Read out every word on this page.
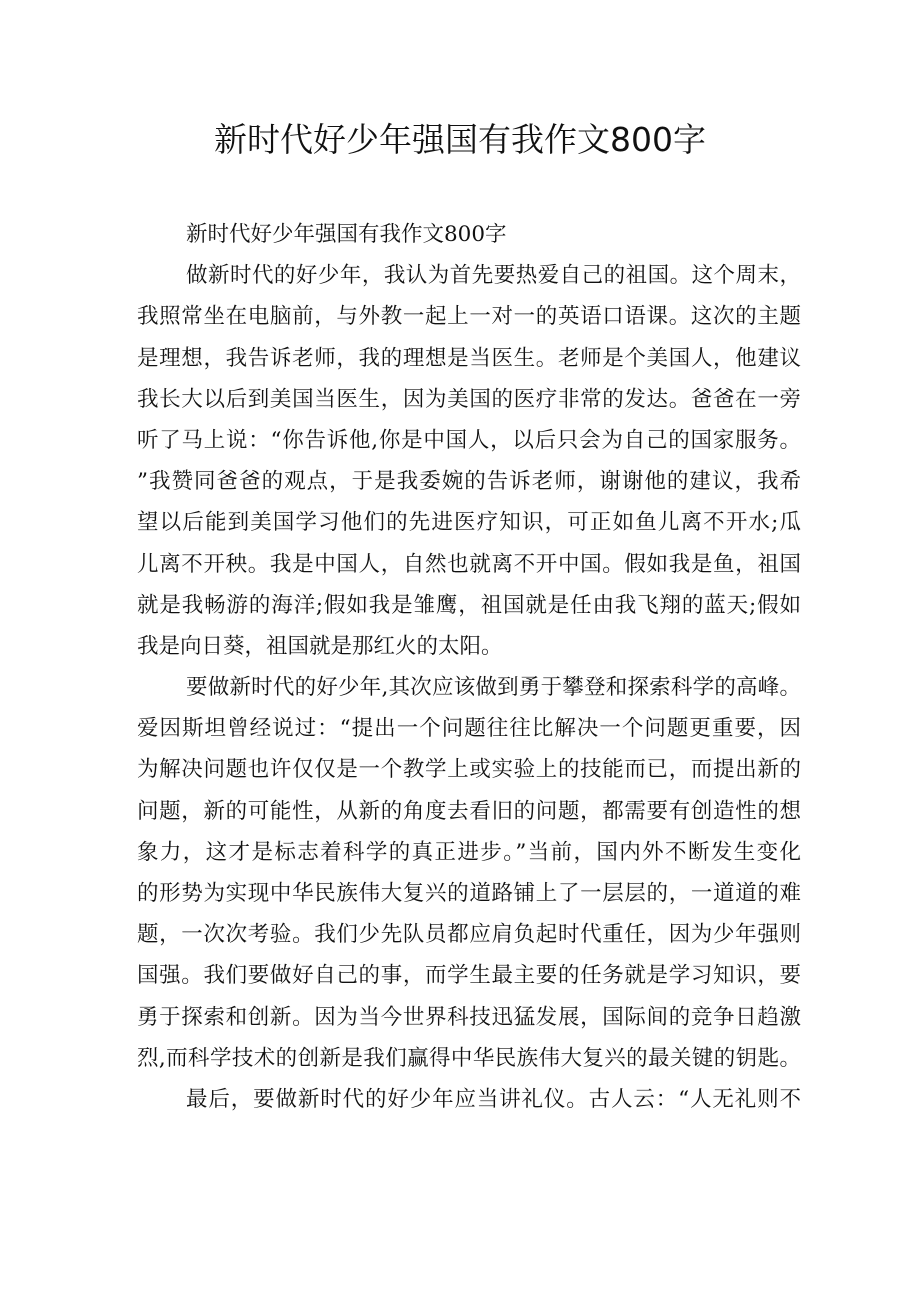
新时代好少年强国有我作文800字
新时代好少年强国有我作文800字
做新时代的好少年，我认为首先要热爱自己的祖国。这个周末，
我照常坐在电脑前，与外教一起上一对一的英语口语课。这次的主题
是理想，我告诉老师，我的理想是当医生。老师是个美国人，他建议
我长大以后到美国当医生，因为美国的医疗非常的发达。爸爸在一旁
听了马上说：“你告诉他,你是中国人，以后只会为自己的国家服务。
”我赞同爸爸的观点，于是我委婉的告诉老师，谢谢他的建议，我希
望以后能到美国学习他们的先进医疗知识，可正如鱼儿离不开水;瓜
儿离不开秧。我是中国人，自然也就离不开中国。假如我是鱼，祖国
就是我畅游的海洋;假如我是雏鹰，祖国就是任由我飞翔的蓝天;假如
我是向日葵，祖国就是那红火的太阳。
要做新时代的好少年,其次应该做到勇于攀登和探索科学的高峰。
爱因斯坦曾经说过：“提出一个问题往往比解决一个问题更重要，因
为解决问题也许仅仅是一个教学上或实验上的技能而已，而提出新的
问题，新的可能性，从新的角度去看旧的问题，都需要有创造性的想
象力，这才是标志着科学的真正进步。”当前，国内外不断发生变化
的形势为实现中华民族伟大复兴的道路铺上了一层层的，一道道的难
题，一次次考验。我们少先队员都应肩负起时代重任，因为少年强则
国强。我们要做好自己的事，而学生最主要的任务就是学习知识，要
勇于探索和创新。因为当今世界科技迅猛发展，国际间的竞争日趋激
烈,而科学技术的创新是我们赢得中华民族伟大复兴的最关键的钥匙。
最后，要做新时代的好少年应当讲礼仪。古人云：“人无礼则不
